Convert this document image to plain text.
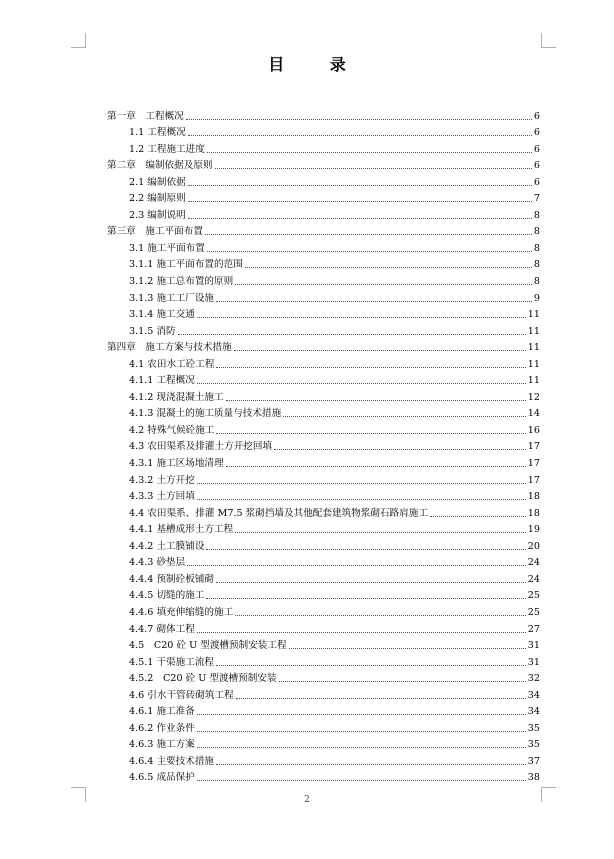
目 录
第一章　工程概况	6
1.1 工程概况	6
1.2 工程施工进度	6
第二章　编制依据及原则	6
2.1 编制依据	6
2.2 编制原则	7
2.3 编制说明	8
第三章　施工平面布置	8
3.1 施工平面布置	8
3.1.1 施工平面布置的范围	8
3.1.2 施工总布置的原则	8
3.1.3 施工工厂设施	9
3.1.4 施工交通	11
3.1.5 消防	11
第四章　施工方案与技术措施	11
4.1 农田水工砼工程	11
4.1.1 工程概况	11
4.1.2 现浇混凝土施工	12
4.1.3 混凝土的施工质量与技术措施	14
4.2 特殊气候砼施工	16
4.3 农田渠系及排灌土方开挖回填	17
4.3.1 施工区场地清理	17
4.3.2 土方开挖	17
4.3.3 土方回填	18
4.4 农田渠系、排灌 M7.5 浆砌挡墙及其他配套建筑物浆砌石路肩施工	18
4.4.1 基槽成形土方工程	19
4.4.2 土工膜铺设	20
4.4.3 砂垫层	24
4.4.4 预制砼板铺砌	24
4.4.5 切缝的施工	25
4.4.6 填充伸缩缝的施工	25
4.4.7 砌体工程	27
4.5　C20 砼 U 型渡槽预制安装工程	31
4.5.1 干渠施工流程	31
4.5.2　C20 砼 U 型渡槽预制安装	32
4.6 引水干管砖砌筑工程	34
4.6.1 施工准备	34
4.6.2 作业条件	35
4.6.3 施工方案	35
4.6.4 主要技术措施	37
4.6.5 成品保护	38
2
